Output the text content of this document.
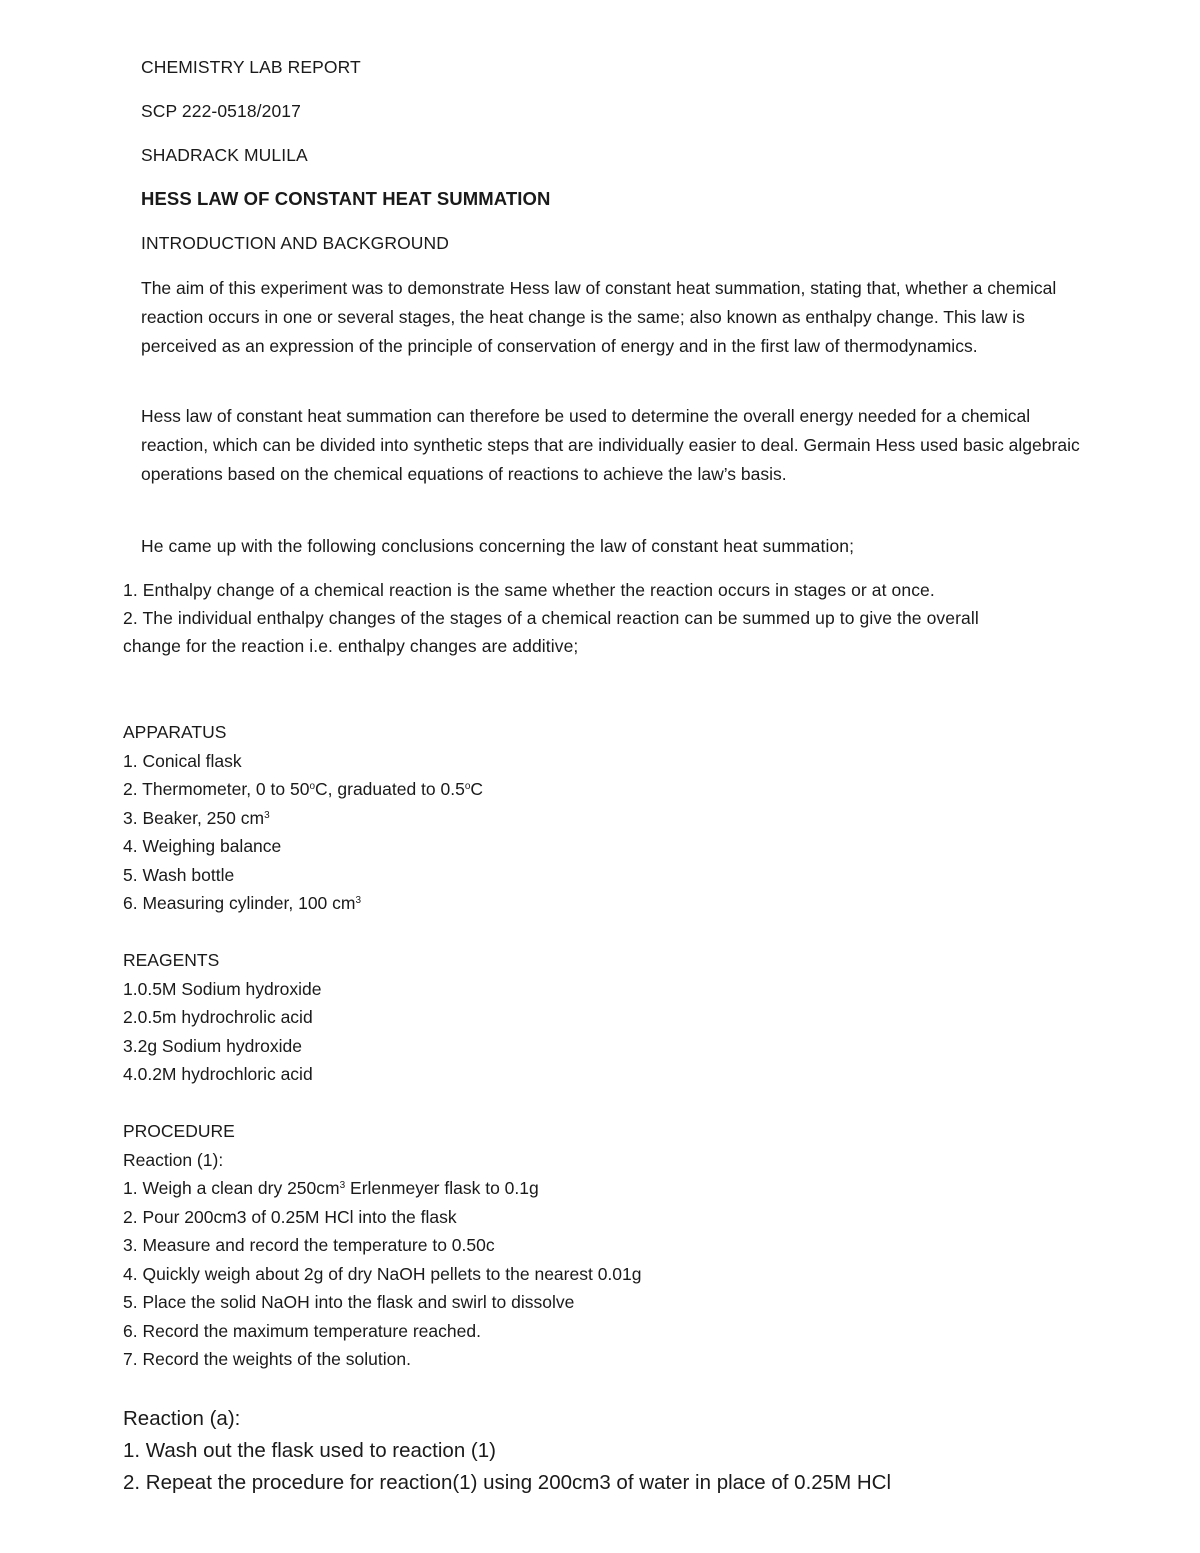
CHEMISTRY LAB REPORT
SCP 222-0518/2017
SHADRACK MULILA
HESS LAW OF CONSTANT HEAT SUMMATION
INTRODUCTION AND BACKGROUND
The aim of this experiment was to demonstrate Hess law of constant heat summation, stating that, whether a chemical reaction occurs in one or several stages, the heat change is the same; also known as enthalpy change. This law is perceived as an expression of the principle of conservation of energy and in the first law of thermodynamics.
Hess law of constant heat summation can therefore be used to determine the overall energy needed for a chemical reaction, which can be divided into synthetic steps that are individually easier to deal. Germain Hess used basic algebraic operations based on the chemical equations of reactions to achieve the law’s basis.
He came up with the following conclusions concerning the law of constant heat summation;
1. Enthalpy change of a chemical reaction is the same whether the reaction occurs in stages or at once.
2. The individual enthalpy changes of the stages of a chemical reaction can be summed up to give the overall
change for the reaction i.e. enthalpy changes are additive;
APPARATUS
1. Conical flask
2. Thermometer, 0 to 50$^o$C, graduated to 0.5$^o$C
3. Beaker, 250 $cm^3$
4. Weighing balance
5. Wash bottle
6. Measuring cylinder, 100 $cm^3$
REAGENTS
1.0.5M Sodium hydroxide
2.0.5m hydrochrolic acid
3.2g Sodium hydroxide
4.0.2M hydrochloric acid
PROCEDURE
Reaction (1):
1. Weigh a clean dry $250cm^3$ Erlenmeyer flask to 0.1g
2. Pour 200cm3 of 0.25M HCl into the flask
3. Measure and record the temperature to 0.50c
4. Quickly weigh about 2g of dry NaOH pellets to the nearest 0.01g
5. Place the solid NaOH into the flask and swirl to dissolve
6. Record the maximum temperature reached.
7. Record the weights of the solution.
Reaction (a):
1. Wash out the flask used to reaction (1)
2. Repeat the procedure for reaction(1) using 200cm3 of water in place of 0.25M HCl
